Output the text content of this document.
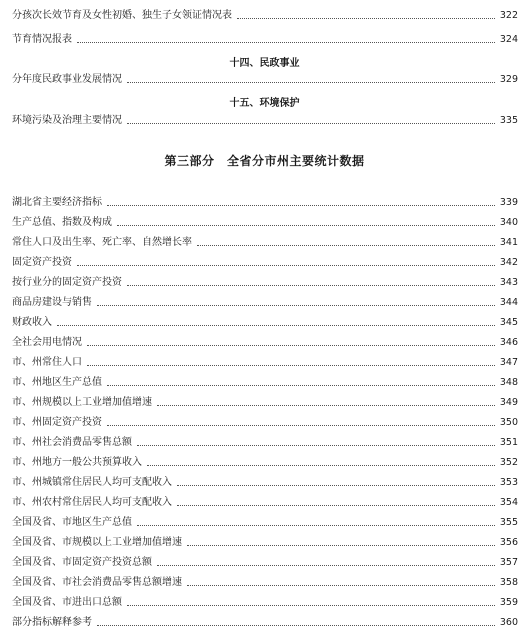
分孩次长效节育及女性初婚、独生子女领证情况表	322
节育情况报表	324
十四、民政事业
分年度民政事业发展情况	329
十五、环境保护
环境污染及治理主要情况	335
第三部分　全省分市州主要统计数据
湖北省主要经济指标	339
生产总值、指数及构成	340
常住人口及出生率、死亡率、自然增长率	341
固定资产投资	342
按行业分的固定资产投资	343
商品房建设与销售	344
财政收入	345
全社会用电情况	346
市、州常住人口	347
市、州地区生产总值	348
市、州规模以上工业增加值增速	349
市、州固定资产投资	350
市、州社会消费品零售总额	351
市、州地方一般公共预算收入	352
市、州城镇常住居民人均可支配收入	353
市、州农村常住居民人均可支配收入	354
全国及省、市地区生产总值	355
全国及省、市规模以上工业增加值增速	356
全国及省、市固定资产投资总额	357
全国及省、市社会消费品零售总额增速	358
全国及省、市进出口总额	359
部分指标解释参考	360
